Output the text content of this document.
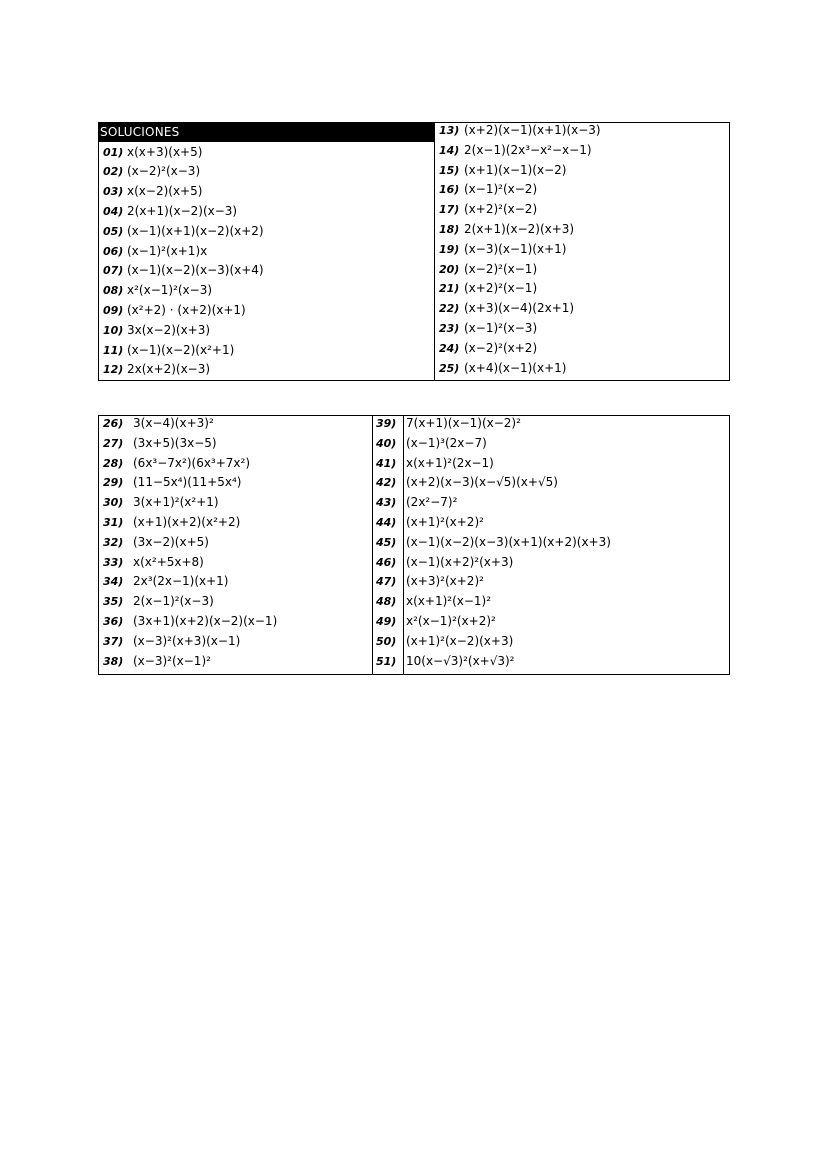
SOLUCIONES
01) x(x+3)(x+5)
02) (x−2)²(x−3)
03) x(x−2)(x+5)
04) 2(x+1)(x−2)(x−3)
05) (x−1)(x+1)(x−2)(x+2)
06) (x−1)²(x+1)x
07) (x−1)(x−2)(x−3)(x+4)
08) x²(x−1)²(x−3)
09) (x²+2) · (x+2)(x+1)
10) 3x(x−2)(x+3)
11) (x−1)(x−2)(x²+1)
12) 2x(x+2)(x−3)
13) (x+2)(x−1)(x+1)(x−3)
14) 2(x−1)(2x³−x²−x−1)
15) (x+1)(x−1)(x−2)
16) (x−1)²(x−2)
17) (x+2)²(x−2)
18) 2(x+1)(x−2)(x+3)
19) (x−3)(x−1)(x+1)
20) (x−2)²(x−1)
21) (x+2)²(x−1)
22) (x+3)(x−4)(2x+1)
23) (x−1)²(x−3)
24) (x−2)²(x+2)
25) (x+4)(x−1)(x+1)
26)
27)
28)
29)
30)
31)
32)
33)
34)
35)
36)
37)
38)
3(x−4)(x+3)²
(3x+5)(3x−5)
(6x³−7x²)(6x³+7x²)
(11−5x⁴)(11+5x⁴)
3(x+1)²(x²+1)
(x+1)(x+2)(x²+2)
(3x−2)(x+5)
x(x²+5x+8)
2x³(2x−1)(x+1)
2(x−1)²(x−3)
(3x+1)(x+2)(x−2)(x−1)
(x−3)²(x+3)(x−1)
(x−3)²(x−1)²
39)
40)
41)
42)
43)
44)
45)
46)
47)
48)
49)
50)
51)
7(x+1)(x−1)(x−2)²
(x−1)³(2x−7)
x(x+1)²(2x−1)
(x+2)(x−3)(x−√5)(x+√5)
(2x²−7)²
(x+1)²(x+2)²
(x−1)(x−2)(x−3)(x+1)(x+2)(x+3)
(x−1)(x+2)²(x+3)
(x+3)²(x+2)²
x(x+1)²(x−1)²
x²(x−1)²(x+2)²
(x+1)²(x−2)(x+3)
10(x−√3)²(x+√3)²
